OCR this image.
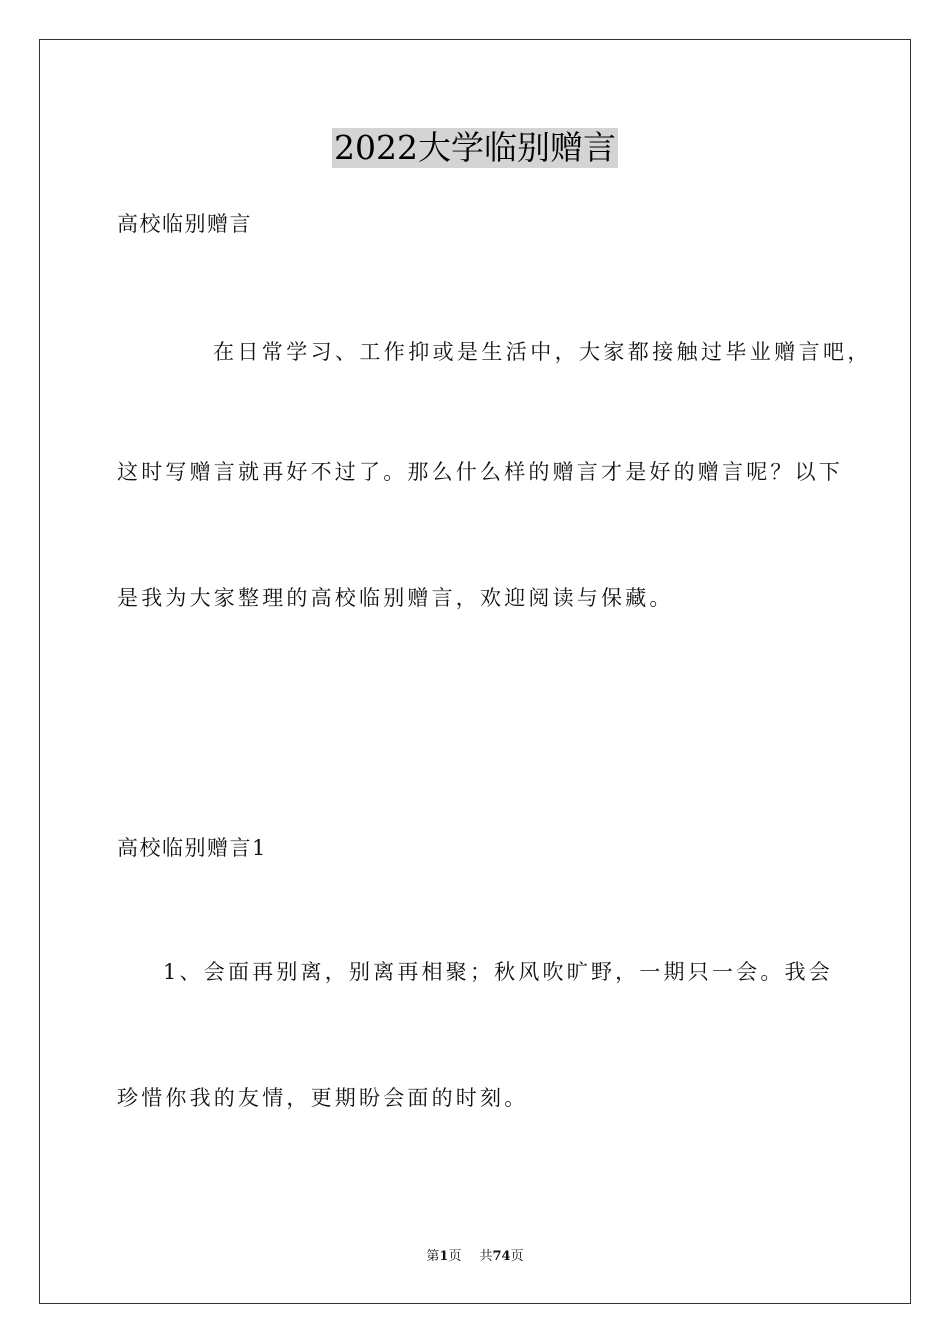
2022大学临别赠言
高校临别赠言
在日常学习、工作抑或是生活中，大家都接触过毕业赠言吧，
这时写赠言就再好不过了。那么什么样的赠言才是好的赠言呢？以下
是我为大家整理的高校临别赠言，欢迎阅读与保藏。
高校临别赠言1
1、会面再别离，别离再相聚；秋风吹旷野，一期只一会。我会
珍惜你我的友情，更期盼会面的时刻。
第1页 共74页
